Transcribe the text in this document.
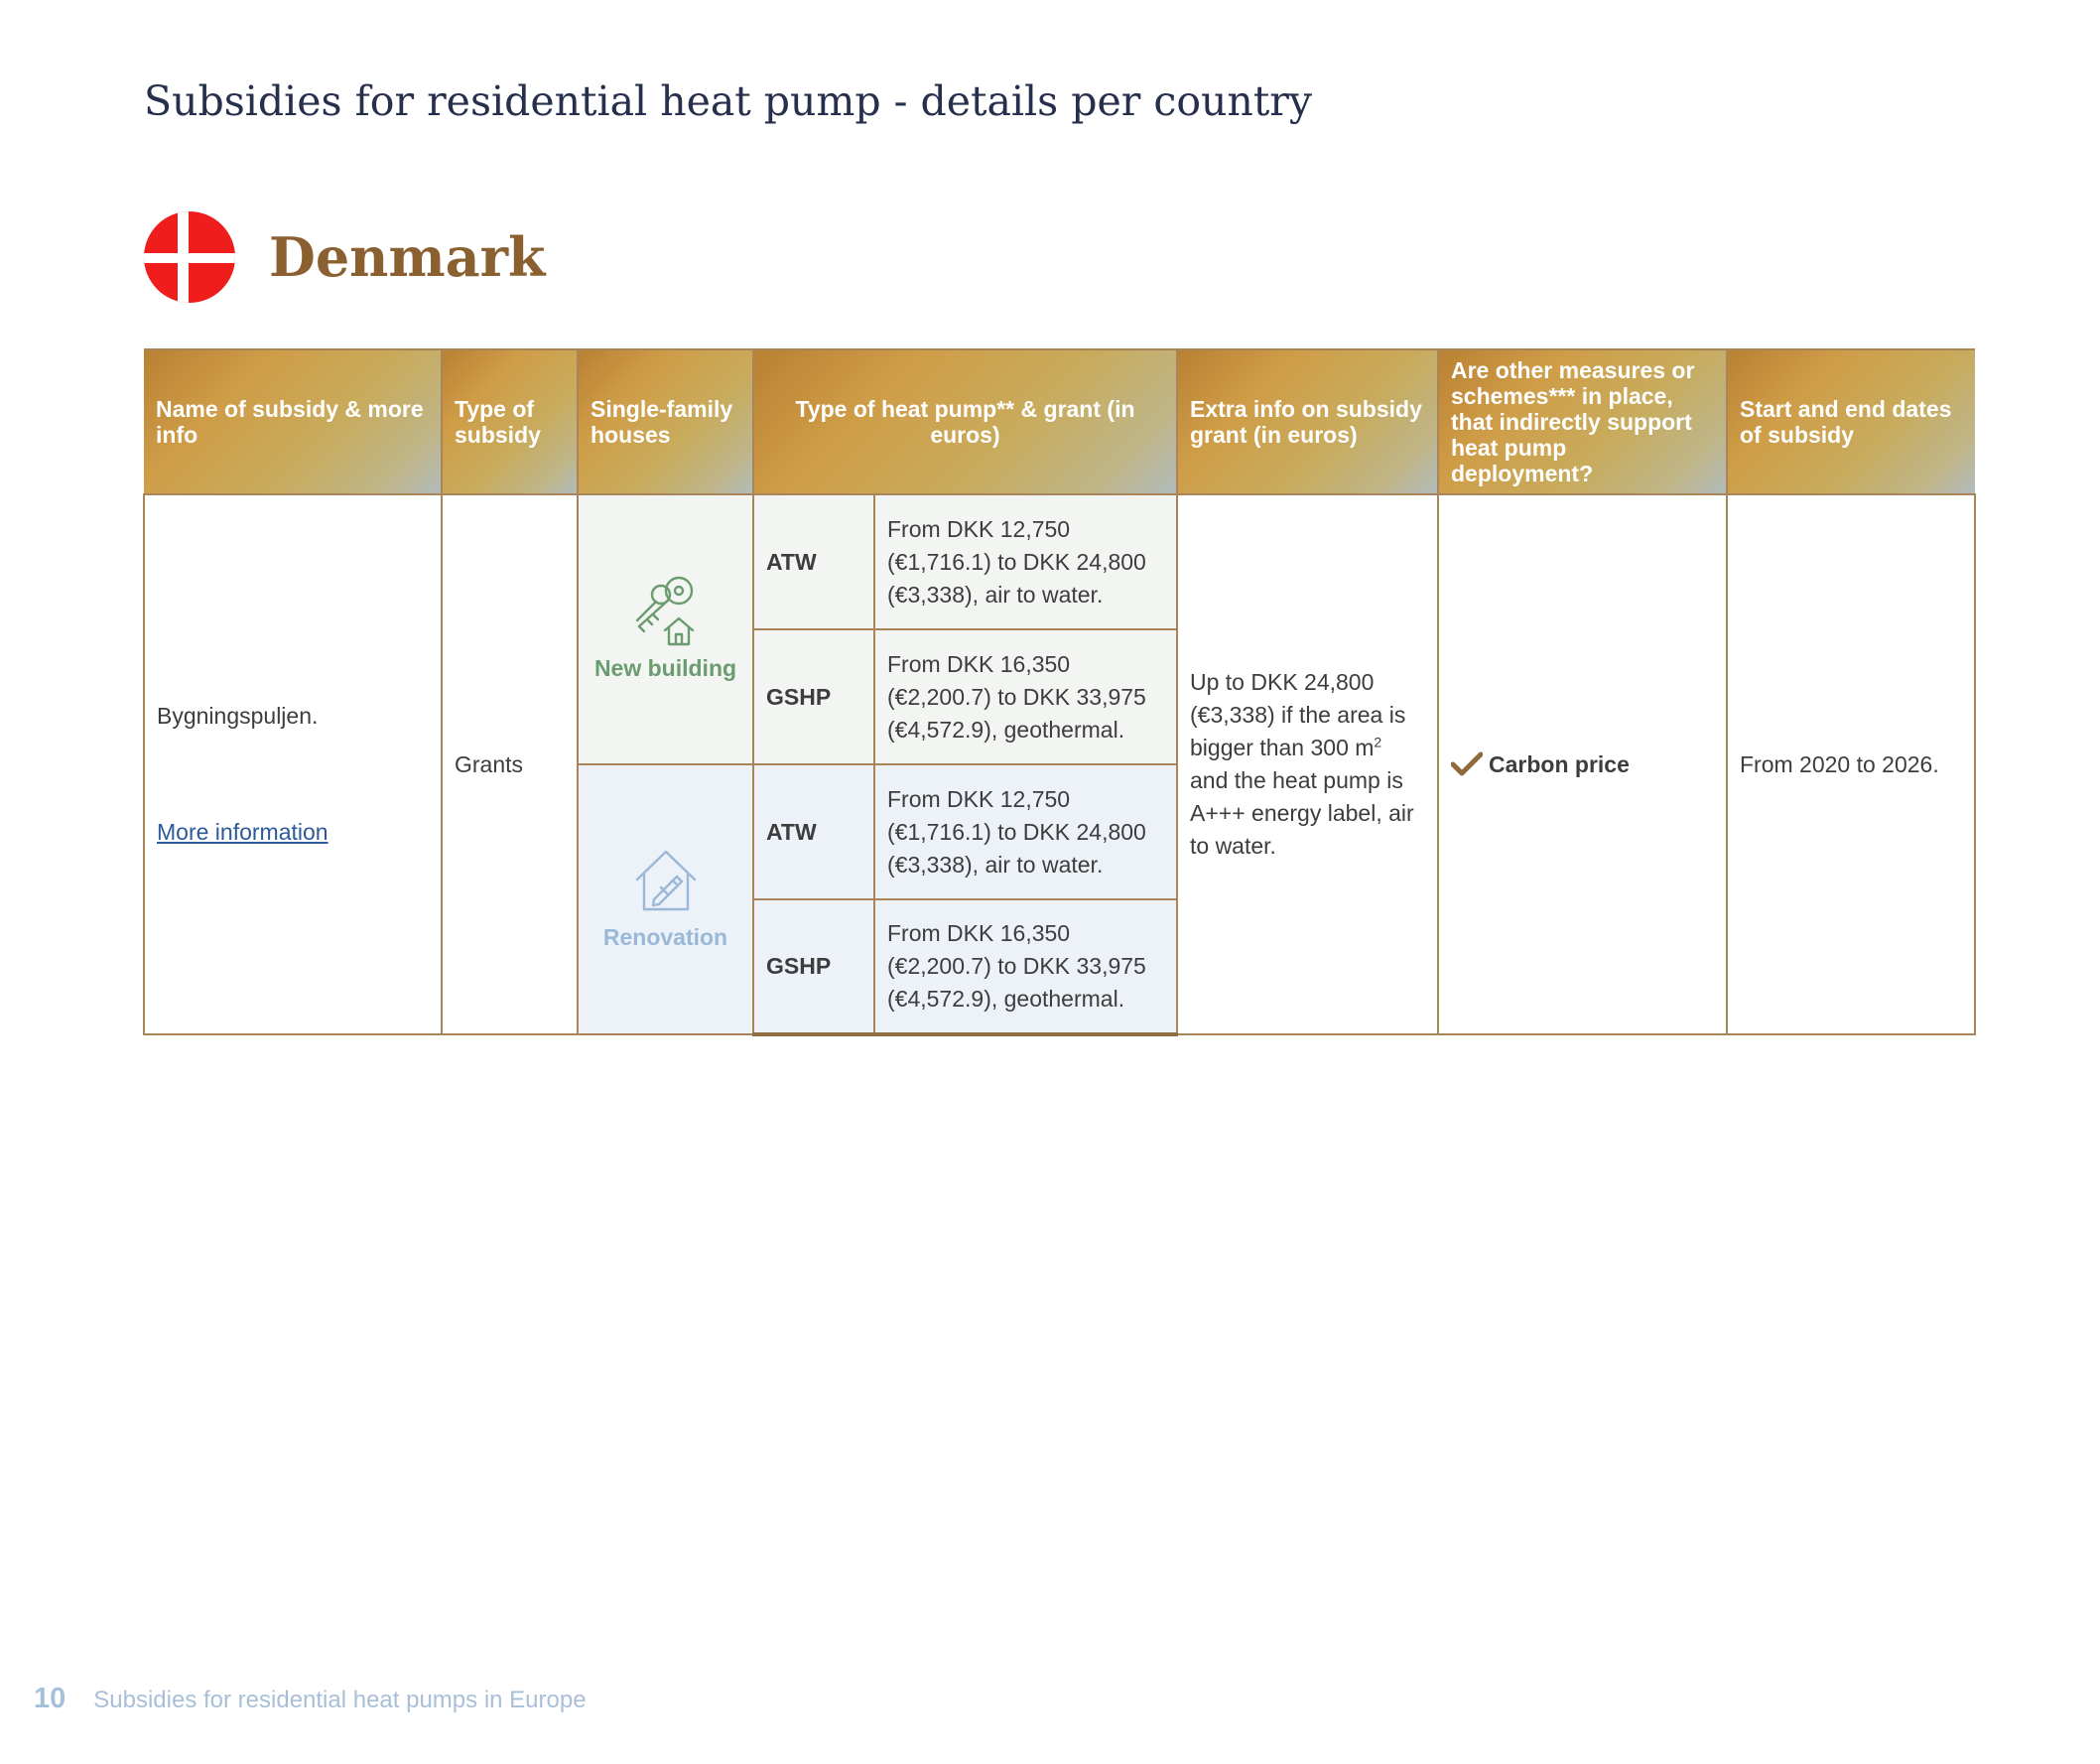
Subsidies for residential heat pump - details per country
Denmark
Name of subsidy & more info	Type of subsidy	Single-family houses	Type of heat pump** & grant (in euros)		Extra info on subsidy grant (in euros)	Are other measures or schemes*** in place, that indirectly support heat pump deployment?	Start and end dates of subsidy

Bygningspuljen.
More information	Grants	New building	ATW	From DKK 12,750 (€1,716.1) to DKK 24,800 (€3,338), air to water.	Up to DKK 24,800 (€3,338) if the area is bigger than 300 $m^2$ and the heat pump is A+++ energy label, air to water.	Carbon price	From 2020 to 2026.
			GSHP	From DKK 16,350 (€2,200.7) to DKK 33,975 (€4,572.9), geothermal.			

		Renovation	ATW	From DKK 12,750 (€1,716.1) to DKK 24,800 (€3,338), air to water.			
			GSHP	From DKK 16,350 (€2,200.7) to DKK 33,975 (€4,572.9), geothermal.			
10 Subsidies for residential heat pumps in Europe
